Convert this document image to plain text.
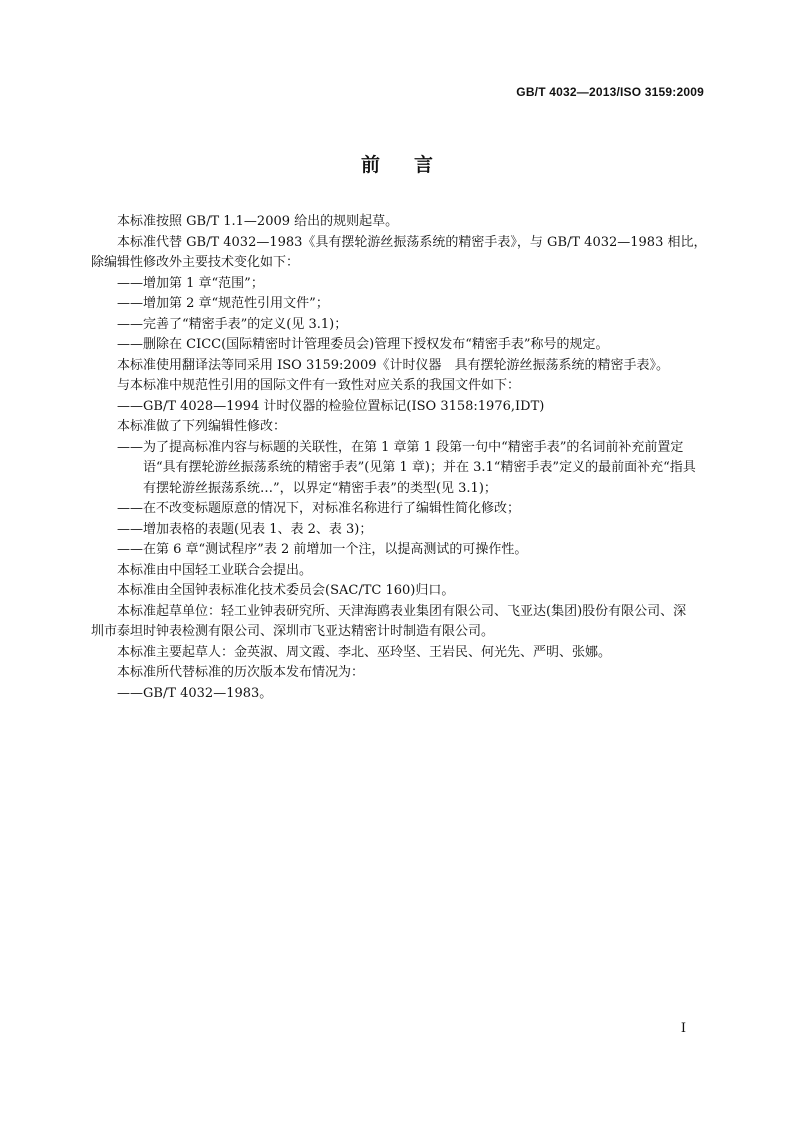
GB/T 4032—2013/ISO 3159:2009
前言

本标准按照 GB/T 1.1—2009 给出的规则起草。

本标准代替 GB/T 4032—1983《具有摆轮游丝振荡系统的精密手表》，与 GB/T 4032—1983 相比，

除编辑性修改外主要技术变化如下：

——增加第 1 章“范围”；

——增加第 2 章“规范性引用文件”；

——完善了“精密手表”的定义(见 3.1)；

——删除在 CICC(国际精密时计管理委员会)管理下授权发布“精密手表”称号的规定。

本标准使用翻译法等同采用 ISO 3159:2009《计时仪器　具有摆轮游丝振荡系统的精密手表》。

与本标准中规范性引用的国际文件有一致性对应关系的我国文件如下：

——GB/T 4028—1994 计时仪器的检验位置标记(ISO 3158:1976,IDT)

本标准做了下列编辑性修改：

——为了提高标准内容与标题的关联性，在第 1 章第 1 段第一句中“精密手表”的名词前补充前置定语“具有摆轮游丝振荡系统的精密手表”(见第 1 章)；并在 3.1“精密手表”定义的最前面补充“指具有摆轮游丝振荡系统…”，以界定“精密手表”的类型(见 3.1)；

——在不改变标题原意的情况下，对标准名称进行了编辑性简化修改；

——增加表格的表题(见表 1、表 2、表 3)；

——在第 6 章“测试程序”表 2 前增加一个注，以提高测试的可操作性。

本标准由中国轻工业联合会提出。

本标准由全国钟表标准化技术委员会(SAC/TC 160)归口。

本标准起草单位：轻工业钟表研究所、天津海鸥表业集团有限公司、飞亚达(集团)股份有限公司、深

圳市泰坦时钟表检测有限公司、深圳市飞亚达精密计时制造有限公司。

本标准主要起草人：金英淑、周文霞、李北、巫玲坚、王岩民、何光先、严明、张娜。

本标准所代替标准的历次版本发布情况为：

——GB/T 4032—1983。

I
